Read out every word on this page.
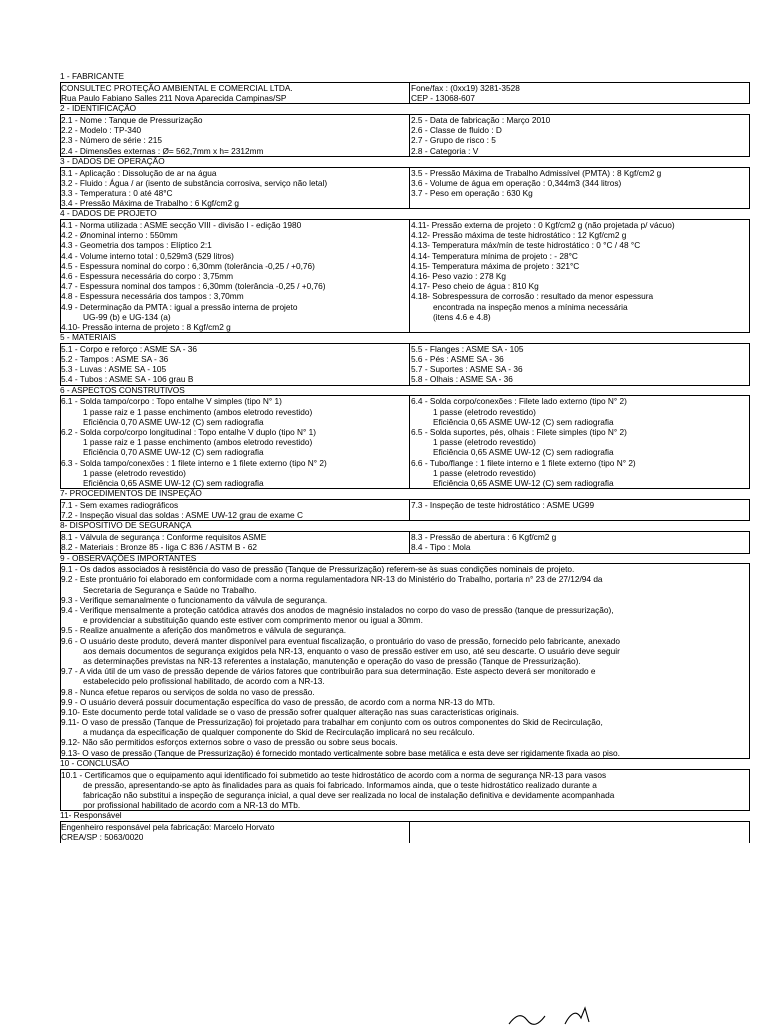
1 - FABRICANTE
CONSULTEC PROTEÇÃO AMBIENTAL E COMERCIAL LTDA.
Rua Paulo Fabiano Salles 211 Nova Aparecida Campinas/SP
Fone/fax : (0xx19) 3281-3528
CEP - 13068-607
2 - IDENTIFICAÇÃO
2.1 - Nome : Tanque de Pressurização
2.2 - Modelo : TP-340
2.3 - Número de série : 215
2.4 - Dimensões externas : Ø= 562,7mm x h= 2312mm
2.5 - Data de fabricação : Março 2010
2.6 - Classe de fluido : D
2.7 - Grupo de risco : 5
2.8 - Categoria : V
3 - DADOS DE OPERAÇÃO
3.1 - Aplicação : Dissolução de ar na água
3.2 - Fluido : Água / ar (isento de substância corrosiva, serviço não letal)
3.3 - Temperatura : 0 até 48°C
3.4 - Pressão Máxima de Trabalho : 6 Kgf/cm2 g
3.5 - Pressão Máxima de Trabalho Admissível (PMTA) : 8 Kgf/cm2 g
3.6 - Volume de água em operação : 0,344m3 (344 litros)
3.7 - Peso em operação : 630 Kg
4 - DADOS DE PROJETO
4.1 - Norma utilizada : ASME secção VIII - divisão I - edição 1980
4.2 - Ønominal interno : 550mm
4.3 - Geometria dos tampos : Elíptico 2:1
4.4 - Volume interno total : 0,529m3 (529 litros)
4.5 - Espessura nominal do corpo : 6,30mm (tolerância -0,25 / +0,76)
4.6 - Espessura necessária do corpo : 3,75mm
4.7 - Espessura nominal dos tampos : 6,30mm (tolerância -0,25 / +0,76)
4.8 - Espessura necessária dos tampos : 3,70mm
4.9 - Determinação da PMTA : igual a pressão interna de projeto
UG-99 (b) e UG-134 (a)
4.10- Pressão interna de projeto : 8 Kgf/cm2 g
4.11- Pressão externa de projeto : 0 Kgf/cm2 g (não projetada p/ vácuo)
4.12- Pressão máxima de teste hidrostático : 12 Kgf/cm2 g
4.13- Temperatura máx/mín de teste hidrostático : 0 °C / 48 °C
4.14- Temperatura mínima de projeto : - 28°C
4.15- Temperatura máxima de projeto : 321°C
4.16- Peso vazio : 278 Kg
4.17- Peso cheio de água : 810 Kg
4.18- Sobrespessura de corrosão : resultado da menor espessura
encontrada na inspeção menos a mínima necessária
(itens 4.6 e 4.8)
5 - MATERIAIS
5.1 - Corpo e reforço : ASME SA - 36
5.2 - Tampos : ASME SA - 36
5.3 - Luvas : ASME SA - 105
5.4 - Tubos : ASME SA - 106 grau B
5.5 - Flanges : ASME SA - 105
5.6 - Pés : ASME SA - 36
5.7 - Suportes : ASME SA - 36
5.8 - Olhais : ASME SA - 36
6 - ASPECTOS CONSTRUTIVOS
6.1 - Solda tampo/corpo : Topo entalhe V simples (tipo N° 1)
1 passe raiz e 1 passe enchimento (ambos eletrodo revestido)
Eficiência 0,70 ASME UW-12 (C) sem radiografia
6.2 - Solda corpo/corpo longitudinal : Topo entalhe V duplo (tipo N° 1)
1 passe raiz e 1 passe enchimento (ambos eletrodo revestido)
Eficiência 0,70 ASME UW-12 (C) sem radiografia
6.3 - Solda tampo/conexões : 1 filete interno e 1 filete externo (tipo N° 2)
1 passe (eletrodo revestido)
Eficiência 0,65 ASME UW-12 (C) sem radiografia
6.4 - Solda corpo/conexões : Filete lado externo (tipo N° 2)
1 passe (eletrodo revestido)
Eficiência 0,65 ASME UW-12 (C) sem radiografia
6.5 - Solda suportes, pés, olhais : Filete simples (tipo N° 2)
1 passe (eletrodo revestido)
Eficiência 0,65 ASME UW-12 (C) sem radiografia
6.6 - Tubo/flange : 1 filete interno e 1 filete externo (tipo N° 2)
1 passe (eletrodo revestido)
Eficiência 0,65 ASME UW-12 (C) sem radiografia
7- PROCEDIMENTOS DE INSPEÇÃO
7.1 - Sem exames radiográficos
7.2 - Inspeção visual das soldas : ASME UW-12 grau de exame C
7.3 - Inspeção de teste hidrostático : ASME UG99
8- DISPOSITIVO DE SEGURANÇA
8.1 - Válvula de segurança : Conforme requisitos ASME
8.2 - Materiais : Bronze 85 - liga C 836 / ASTM B - 62
8.3 - Pressão de abertura : 6 Kgf/cm2 g
8.4 - Tipo : Mola
9 - OBSERVAÇÕES IMPORTANTES
9.1 - Os dados associados à resistência do vaso de pressão (Tanque de Pressurização) referem-se às suas condições nominais de projeto.
9.2 - Este prontuário foi elaborado em conformidade com a norma regulamentadora NR-13 do Ministério do Trabalho, portaria n° 23 de 27/12/94 da
Secretaria de Segurança e Saúde no Trabalho.
9.3 - Verifique semanalmente o funcionamento da válvula de segurança.
9.4 - Verifique mensalmente a proteção catódica através dos anodos de magnésio instalados no corpo do vaso de pressão (tanque de pressurização),
e providenciar a substituição quando este estiver com comprimento menor ou igual a 30mm.
9.5 - Realize anualmente a aferição dos manômetros e válvula de segurança.
9.6 - O usuário deste produto, deverá manter disponível para eventual fiscalização, o prontuário do vaso de pressão, fornecido pelo fabricante, anexado
aos demais documentos de segurança exigidos pela NR-13, enquanto o vaso de pressão estiver em uso, até seu descarte. O usuário deve seguir
as determinações previstas na NR-13 referentes a instalação, manutenção e operação do vaso de pressão (Tanque de Pressurização).
9.7 - A vida útil de um vaso de pressão depende de vários fatores que contribuirão para sua determinação. Este aspecto deverá ser monitorado e
estabelecido pelo profissional habilitado, de acordo com a NR-13.
9.8 - Nunca efetue reparos ou serviços de solda no vaso de pressão.
9.9 - O usuário deverá possuir documentação específica do vaso de pressão, de acordo com a norma NR-13 do MTb.
9.10- Este documento perde total validade se o vaso de pressão sofrer qualquer alteração nas suas caracteristicas originais.
9.11- O vaso de pressão (Tanque de Pressurização) foi projetado para trabalhar em conjunto com os outros componentes do Skid de Recirculação,
a mudança da especificação de qualquer componente do Skid de Recirculação implicará no seu recálculo.
9.12- Não são permitidos esforços externos sobre o vaso de pressão ou sobre seus bocais.
9.13- O vaso de pressão (Tanque de Pressurização) é fornecido montado verticalmente sobre base metálica e esta deve ser rigidamente fixada ao piso.
10 - CONCLUSÃO
10.1 - Certificamos que o equipamento aqui identificado foi submetido ao teste hidrostático de acordo com a norma de segurança NR-13 para vasos
de pressão, apresentando-se apto às finalidades para as quais foi fabricado. Informamos ainda, que o teste hidrostático realizado durante a
fabricação não substitui a inspeção de segurança inicial, a qual deve ser realizada no local de instalação definitiva e devidamente acompanhada
por profissional habilitado de acordo com a NR-13 do MTb.
11- Responsável
Engenheiro responsável pela fabricação: Marcelo Horvato
CREA/SP : 5063/0020
